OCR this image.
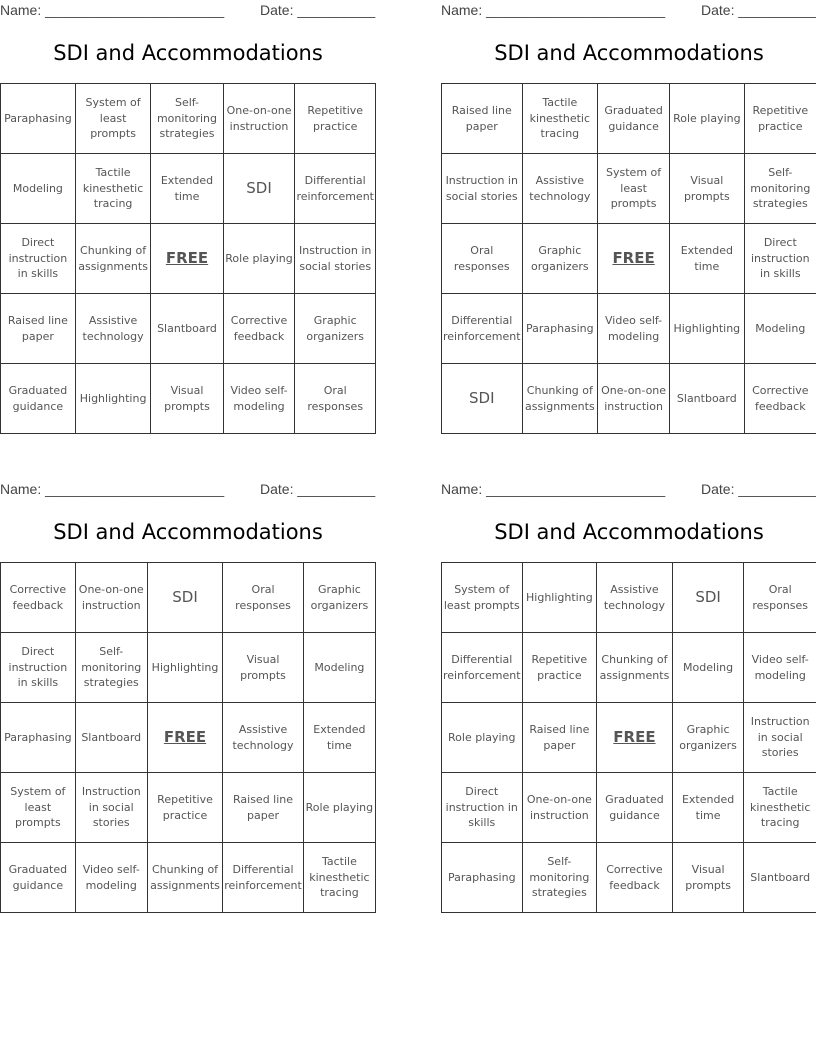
Name: _______________________	Date: __________
SDI and Accommodations
Paraphasing	System of least prompts	Self-monitoring strategies	One-on-one instruction	Repetitive practice
Modeling	Tactile kinesthetic tracing	Extended time	SDI	Differential reinforcement
Direct instruction in skills	Chunking of assignments	FREE	Role playing	Instruction in social stories
Raised line paper	Assistive technology	Slantboard	Corrective feedback	Graphic organizers
Graduated guidance	Highlighting	Visual prompts	Video self-modeling	Oral responses
Name: _______________________	Date: __________
SDI and Accommodations
Raised line paper	Tactile kinesthetic tracing	Graduated guidance	Role playing	Repetitive practice
Instruction in social stories	Assistive technology	System of least prompts	Visual prompts	Self-monitoring strategies
Oral responses	Graphic organizers	FREE	Extended time	Direct instruction in skills
Differential reinforcement	Paraphasing	Video self-modeling	Highlighting	Modeling
SDI	Chunking of assignments	One-on-one instruction	Slantboard	Corrective feedback
Name: _______________________	Date: __________
SDI and Accommodations
Corrective feedback	One-on-one instruction	SDI	Oral responses	Graphic organizers
Direct instruction in skills	Self-monitoring strategies	Highlighting	Visual prompts	Modeling
Paraphasing	Slantboard	FREE	Assistive technology	Extended time
System of least prompts	Instruction in social stories	Repetitive practice	Raised line paper	Role playing
Graduated guidance	Video self-modeling	Chunking of assignments	Differential reinforcement	Tactile kinesthetic tracing
Name: _______________________	Date: __________
SDI and Accommodations
System of least prompts	Highlighting	Assistive technology	SDI	Oral responses
Differential reinforcement	Repetitive practice	Chunking of assignments	Modeling	Video self-modeling
Role playing	Raised line paper	FREE	Graphic organizers	Instruction in social stories
Direct instruction in skills	One-on-one instruction	Graduated guidance	Extended time	Tactile kinesthetic tracing
Paraphasing	Self-monitoring strategies	Corrective feedback	Visual prompts	Slantboard
